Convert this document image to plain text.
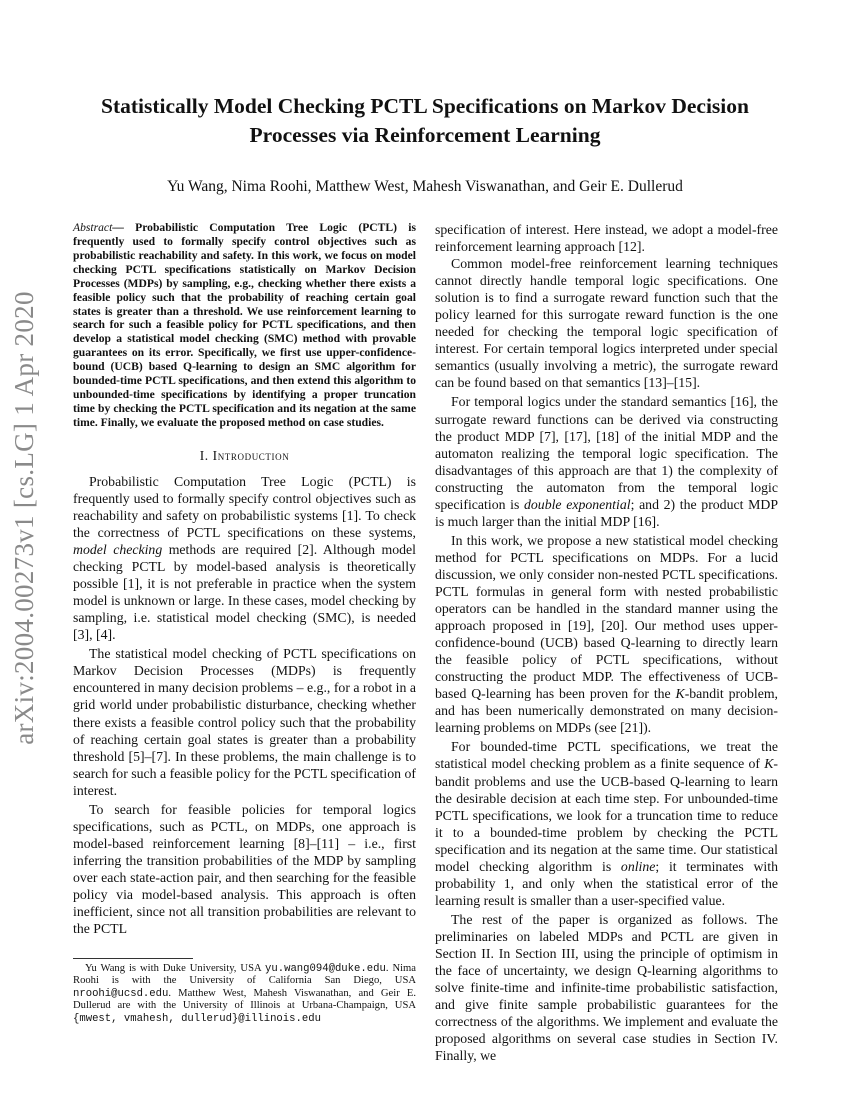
arXiv:2004.00273v1 [cs.LG] 1 Apr 2020
Statistically Model Checking PCTL Specifications on Markov Decision Processes via Reinforcement Learning
Yu Wang, Nima Roohi, Matthew West, Mahesh Viswanathan, and Geir E. Dullerud
Abstract— Probabilistic Computation Tree Logic (PCTL) is frequently used to formally specify control objectives such as probabilistic reachability and safety. In this work, we focus on model checking PCTL specifications statistically on Markov Decision Processes (MDPs) by sampling, e.g., checking whether there exists a feasible policy such that the probability of reaching certain goal states is greater than a threshold. We use reinforcement learning to search for such a feasible policy for PCTL specifications, and then develop a statistical model checking (SMC) method with provable guarantees on its error. Specifically, we first use upper-confidence-bound (UCB) based Q-learning to design an SMC algorithm for bounded-time PCTL specifications, and then extend this algorithm to unbounded-time specifications by identifying a proper truncation time by checking the PCTL specification and its negation at the same time. Finally, we evaluate the proposed method on case studies.
I. Introduction

Probabilistic Computation Tree Logic (PCTL) is frequently used to formally specify control objectives such as reachability and safety on probabilistic systems [1]. To check the correctness of PCTL specifications on these systems, model checking methods are required [2]. Although model checking PCTL by model-based analysis is theoretically possible [1], it is not preferable in practice when the system model is unknown or large. In these cases, model checking by sampling, i.e. statistical model checking (SMC), is needed [3], [4].

The statistical model checking of PCTL specifications on Markov Decision Processes (MDPs) is frequently encountered in many decision problems – e.g., for a robot in a grid world under probabilistic disturbance, checking whether there exists a feasible control policy such that the probability of reaching certain goal states is greater than a probability threshold [5]–[7]. In these problems, the main challenge is to search for such a feasible policy for the PCTL specification of interest.

To search for feasible policies for temporal logics specifications, such as PCTL, on MDPs, one approach is model-based reinforcement learning [8]–[11] – i.e., first inferring the transition probabilities of the MDP by sampling over each state-action pair, and then searching for the feasible policy via model-based analysis. This approach is often inefficient, since not all transition probabilities are relevant to the PCTL

Yu Wang is with Duke University, USA yu.wang094@duke.edu. Nima Roohi is with the University of California San Diego, USA nroohi@ucsd.edu. Matthew West, Mahesh Viswanathan, and Geir E. Dullerud are with the University of Illinois at Urbana-Champaign, USA {mwest, vmahesh, dullerud}@illinois.edu

specification of interest. Here instead, we adopt a model-free reinforcement learning approach [12].

Common model-free reinforcement learning techniques cannot directly handle temporal logic specifications. One solution is to find a surrogate reward function such that the policy learned for this surrogate reward function is the one needed for checking the temporal logic specification of interest. For certain temporal logics interpreted under special semantics (usually involving a metric), the surrogate reward can be found based on that semantics [13]–[15].

For temporal logics under the standard semantics [16], the surrogate reward functions can be derived via constructing the product MDP [7], [17], [18] of the initial MDP and the automaton realizing the temporal logic specification. The disadvantages of this approach are that 1) the complexity of constructing the automaton from the temporal logic specification is double exponential; and 2) the product MDP is much larger than the initial MDP [16].

In this work, we propose a new statistical model checking method for PCTL specifications on MDPs. For a lucid discussion, we only consider non-nested PCTL specifications. PCTL formulas in general form with nested probabilistic operators can be handled in the standard manner using the approach proposed in [19], [20]. Our method uses upper-confidence-bound (UCB) based Q-learning to directly learn the feasible policy of PCTL specifications, without constructing the product MDP. The effectiveness of UCB-based Q-learning has been proven for the K-bandit problem, and has been numerically demonstrated on many decision-learning problems on MDPs (see [21]).

For bounded-time PCTL specifications, we treat the statistical model checking problem as a finite sequence of K-bandit problems and use the UCB-based Q-learning to learn the desirable decision at each time step. For unbounded-time PCTL specifications, we look for a truncation time to reduce it to a bounded-time problem by checking the PCTL specification and its negation at the same time. Our statistical model checking algorithm is online; it terminates with probability 1, and only when the statistical error of the learning result is smaller than a user-specified value.

The rest of the paper is organized as follows. The preliminaries on labeled MDPs and PCTL are given in Section II. In Section III, using the principle of optimism in the face of uncertainty, we design Q-learning algorithms to solve finite-time and infinite-time probabilistic satisfaction, and give finite sample probabilistic guarantees for the correctness of the algorithms. We implement and evaluate the proposed algorithms on several case studies in Section IV. Finally, we
